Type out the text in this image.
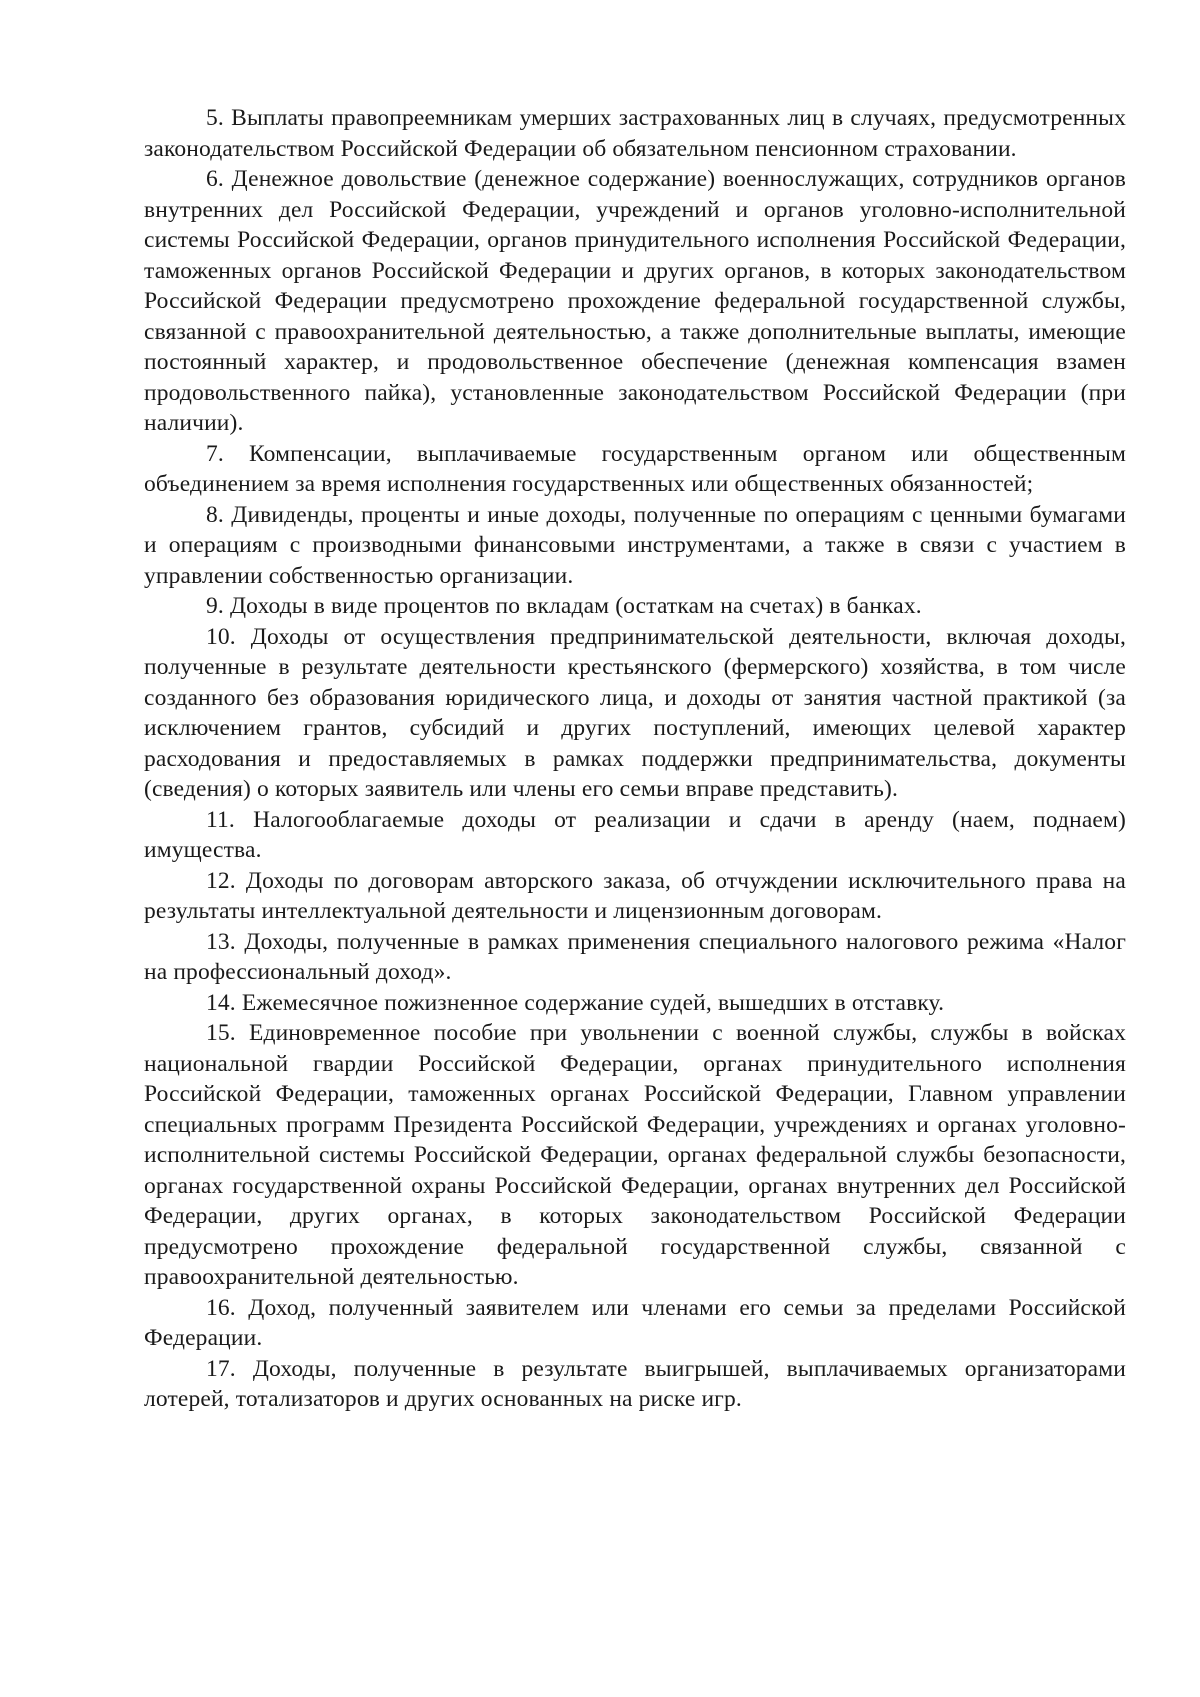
5. Выплаты правопреемникам умерших застрахованных лиц в случаях, предусмотренных законодательством Российской Федерации об обязательном пенсионном страховании.

6. Денежное довольствие (денежное содержание) военнослужащих, сотрудников органов внутренних дел Российской Федерации, учреждений и органов уголовно-исполнительной системы Российской Федерации, органов принудительного исполнения Российской Федерации, таможенных органов Российской Федерации и других органов, в которых законодательством Российской Федерации предусмотрено прохождение федеральной государственной службы, связанной с правоохранительной деятельностью, а также дополнительные выплаты, имеющие постоянный характер, и продовольственное обеспечение (денежная компенсация взамен продовольственного пайка), установленные законодательством Российской Федерации (при наличии).

7. Компенсации, выплачиваемые государственным органом или общественным объединением за время исполнения государственных или общественных обязанностей;

8. Дивиденды, проценты и иные доходы, полученные по операциям с ценными бумагами и операциям с производными финансовыми инструментами, а также в связи с участием в управлении собственностью организации.

9. Доходы в виде процентов по вкладам (остаткам на счетах) в банках.

10. Доходы от осуществления предпринимательской деятельности, включая доходы, полученные в результате деятельности крестьянского (фермерского) хозяйства, в том числе созданного без образования юридического лица, и доходы от занятия частной практикой (за исключением грантов, субсидий и других поступлений, имеющих целевой характер расходования и предоставляемых в рамках поддержки предпринимательства, документы (сведения) о которых заявитель или члены его семьи вправе представить).

11. Налогооблагаемые доходы от реализации и сдачи в аренду (наем, поднаем) имущества.

12. Доходы по договорам авторского заказа, об отчуждении исключительного права на результаты интеллектуальной деятельности и лицензионным договорам.

13. Доходы, полученные в рамках применения специального налогового режима «Налог на профессиональный доход».

14. Ежемесячное пожизненное содержание судей, вышедших в отставку.

15. Единовременное пособие при увольнении с военной службы, службы в войсках национальной гвардии Российской Федерации, органах принудительного исполнения Российской Федерации, таможенных органах Российской Федерации, Главном управлении специальных программ Президента Российской Федерации, учреждениях и органах уголовно-исполнительной системы Российской Федерации, органах федеральной службы безопасности, органах государственной охраны Российской Федерации, органах внутренних дел Российской Федерации, других органах, в которых законодательством Российской Федерации предусмотрено прохождение федеральной государственной службы, связанной с правоохранительной деятельностью.

16. Доход, полученный заявителем или членами его семьи за пределами Российской Федерации.

17. Доходы, полученные в результате выигрышей, выплачиваемых организаторами лотерей, тотализаторов и других основанных на риске игр.
